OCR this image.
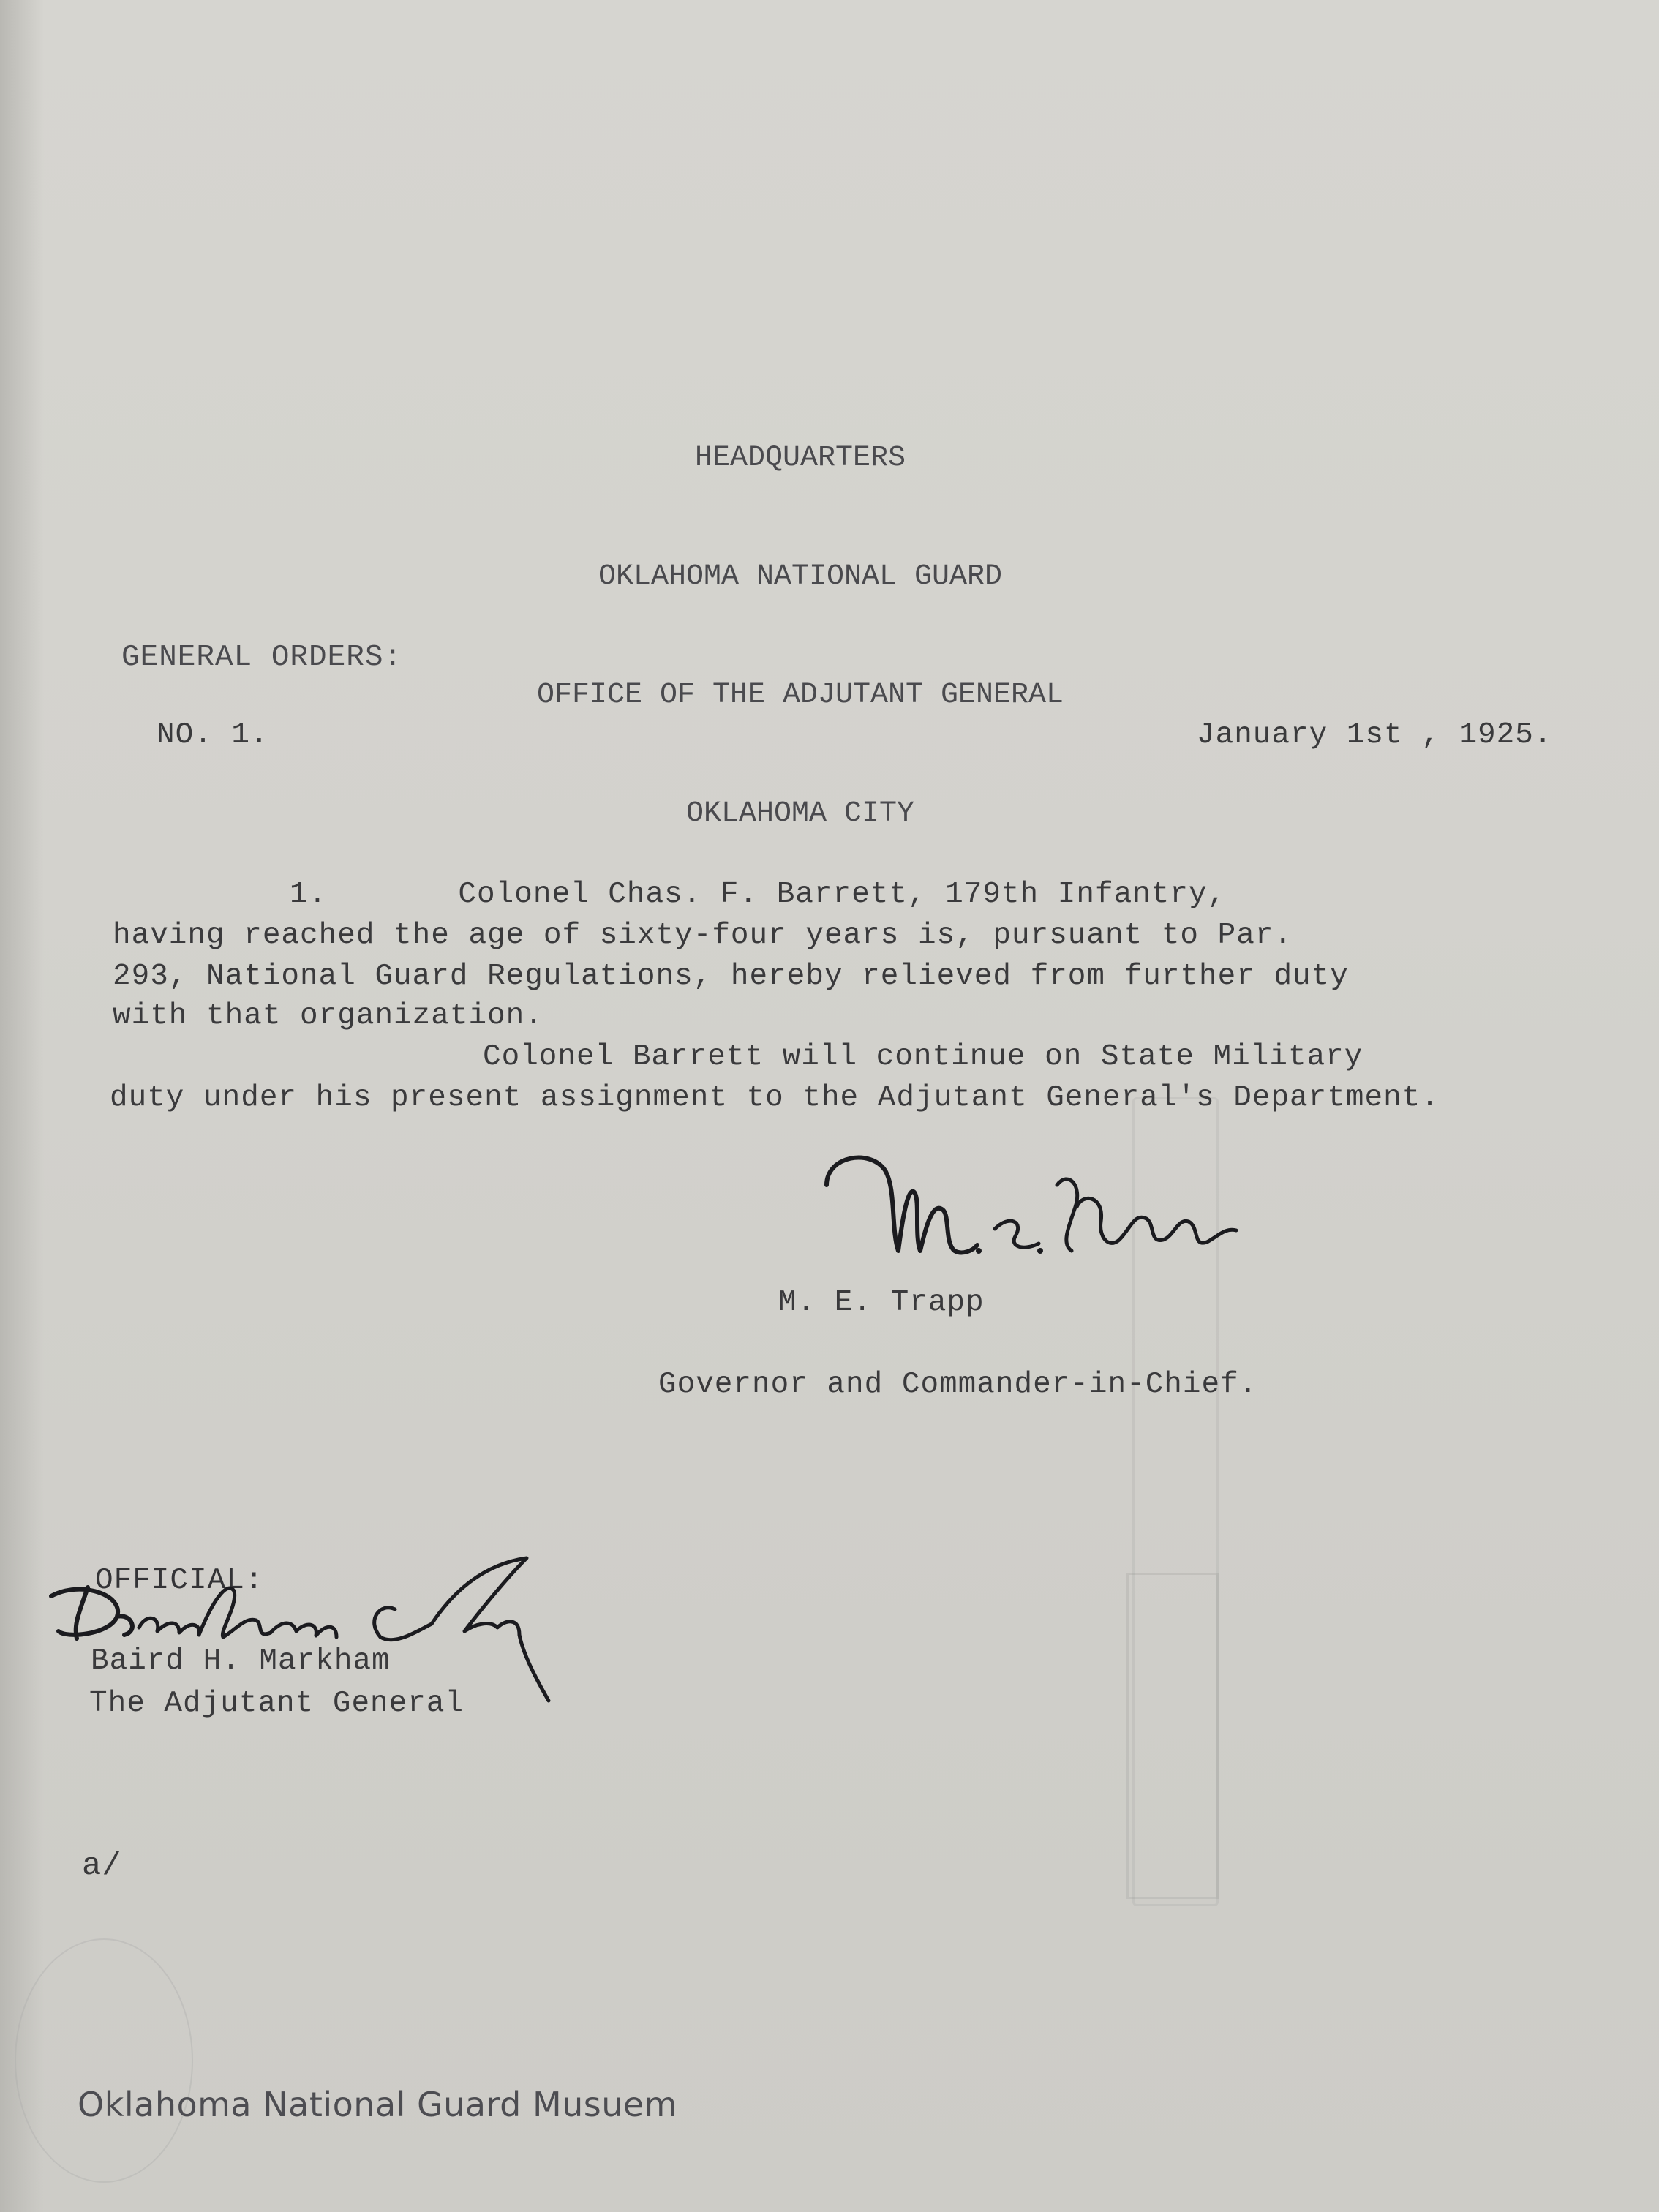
HEADQUARTERS

OKLAHOMA NATIONAL GUARD

OFFICE OF THE ADJUTANT GENERAL

OKLAHOMA CITY

GENERAL ORDERS:
NO. 1.	January 1st , 1925.
1.       Colonel Chas. F. Barrett, 179th Infantry,
having reached the age of sixty-four years is, pursuant to Par.
293, National Guard Regulations, hereby relieved from further duty
with that organization.
Colonel Barrett will continue on State Military
duty under his present assignment to the Adjutant General's Department.
M. E. Trapp
Governor and Commander-in-Chief.
OFFICIAL:
Baird H. Markham
The Adjutant General
a/
Oklahoma National Guard Musuem
